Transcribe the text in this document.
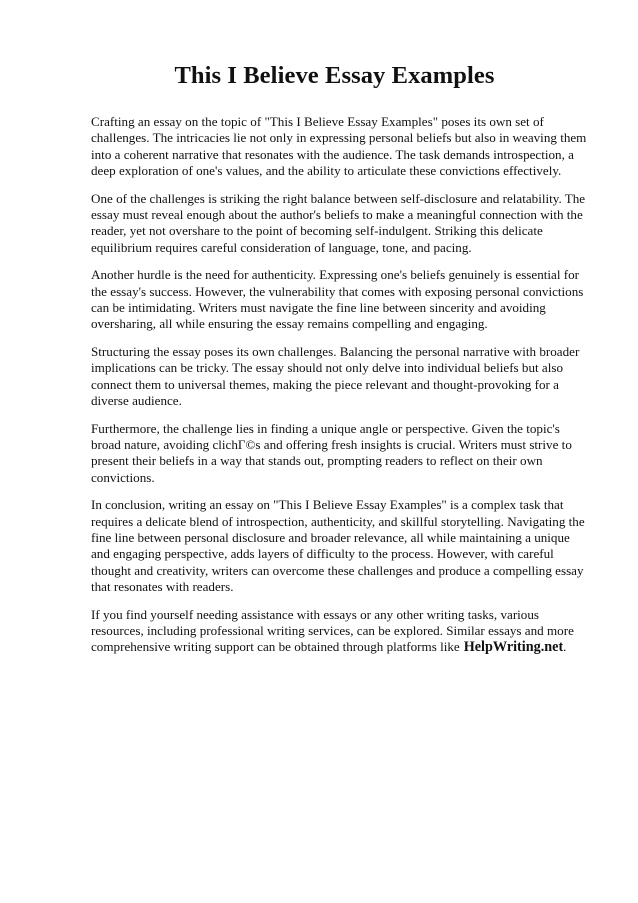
This I Believe Essay Examples

Crafting an essay on the topic of "This I Believe Essay Examples" poses its own set of challenges. The intricacies lie not only in expressing personal beliefs but also in weaving them into a coherent narrative that resonates with the audience. The task demands introspection, a deep exploration of one's values, and the ability to articulate these convictions effectively.

One of the challenges is striking the right balance between self-disclosure and relatability. The essay must reveal enough about the author's beliefs to make a meaningful connection with the reader, yet not overshare to the point of becoming self-indulgent. Striking this delicate equilibrium requires careful consideration of language, tone, and pacing.

Another hurdle is the need for authenticity. Expressing one's beliefs genuinely is essential for the essay's success. However, the vulnerability that comes with exposing personal convictions can be intimidating. Writers must navigate the fine line between sincerity and avoiding oversharing, all while ensuring the essay remains compelling and engaging.

Structuring the essay poses its own challenges. Balancing the personal narrative with broader implications can be tricky. The essay should not only delve into individual beliefs but also connect them to universal themes, making the piece relevant and thought-provoking for a diverse audience.

Furthermore, the challenge lies in finding a unique angle or perspective. Given the topic's broad nature, avoiding clichГ©s and offering fresh insights is crucial. Writers must strive to present their beliefs in a way that stands out, prompting readers to reflect on their own convictions.

In conclusion, writing an essay on "This I Believe Essay Examples" is a complex task that requires a delicate blend of introspection, authenticity, and skillful storytelling. Navigating the fine line between personal disclosure and broader relevance, all while maintaining a unique and engaging perspective, adds layers of difficulty to the process. However, with careful thought and creativity, writers can overcome these challenges and produce a compelling essay that resonates with readers.

If you find yourself needing assistance with essays or any other writing tasks, various resources, including professional writing services, can be explored. Similar essays and more comprehensive writing support can be obtained through platforms like HelpWriting.net.
